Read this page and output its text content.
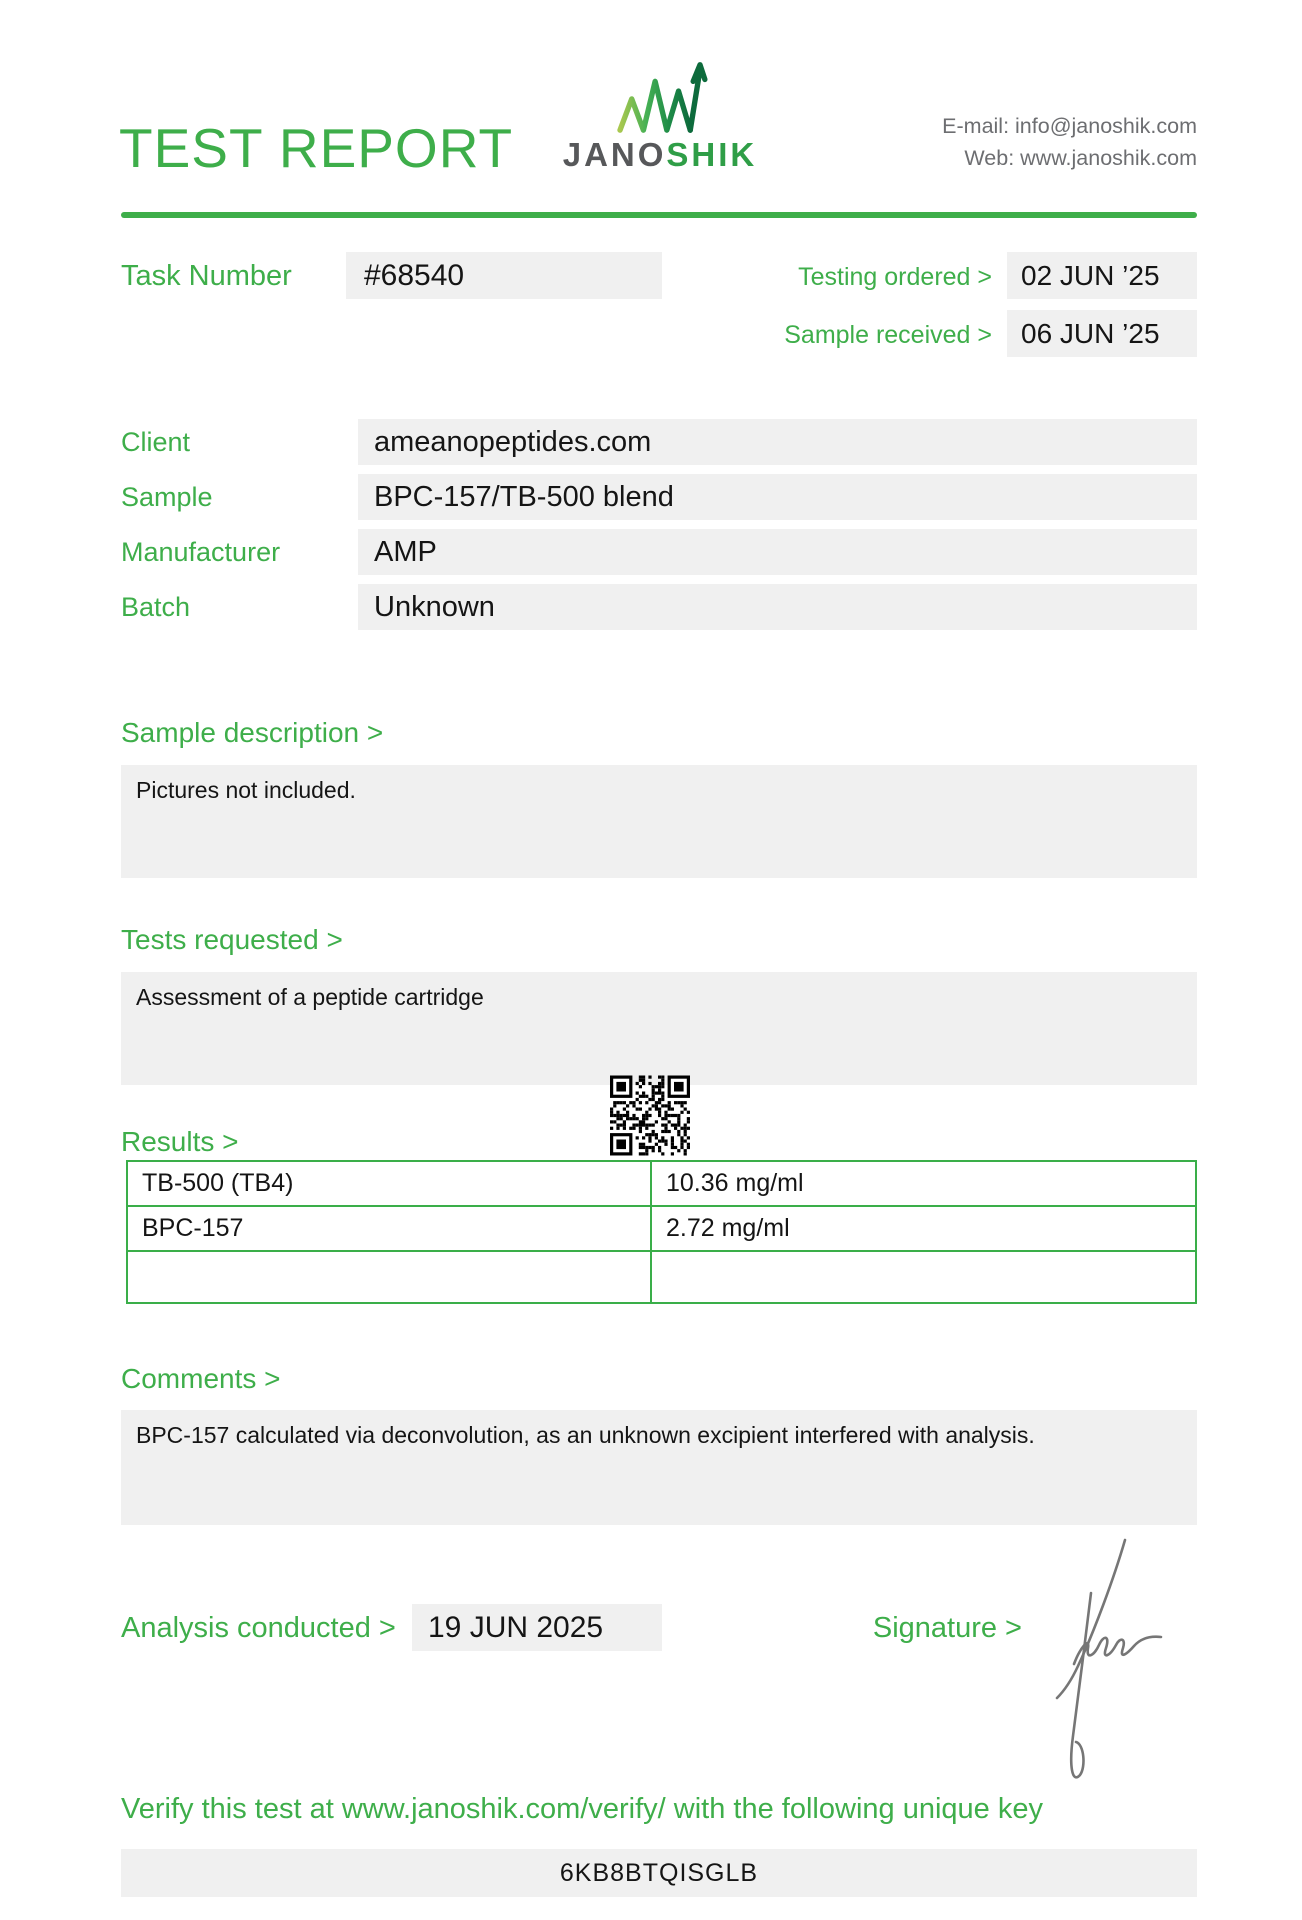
TEST REPORT JANOSHIK
E-mail: info@janoshik.com
Web: www.janoshik.com
Task Number	#68540	Testing ordered >	02 JUN ’25
Sample received >	06 JUN ’25
Client	ameanopeptides.com
Sample	BPC-157/TB-500 blend
Manufacturer	AMP
Batch	Unknown
Sample description >
Pictures not included.
Tests requested >
Assessment of a peptide cartridge
Results >
TB-500 (TB4)	10.36 mg/ml
BPC-157	2.72 mg/ml

Comments >
BPC-157 calculated via deconvolution, as an unknown excipient interfered with analysis.
Analysis conducted >	19 JUN 2025	Signature >
Verify this test at www.janoshik.com/verify/ with the following unique key
6KB8BTQISGLB
